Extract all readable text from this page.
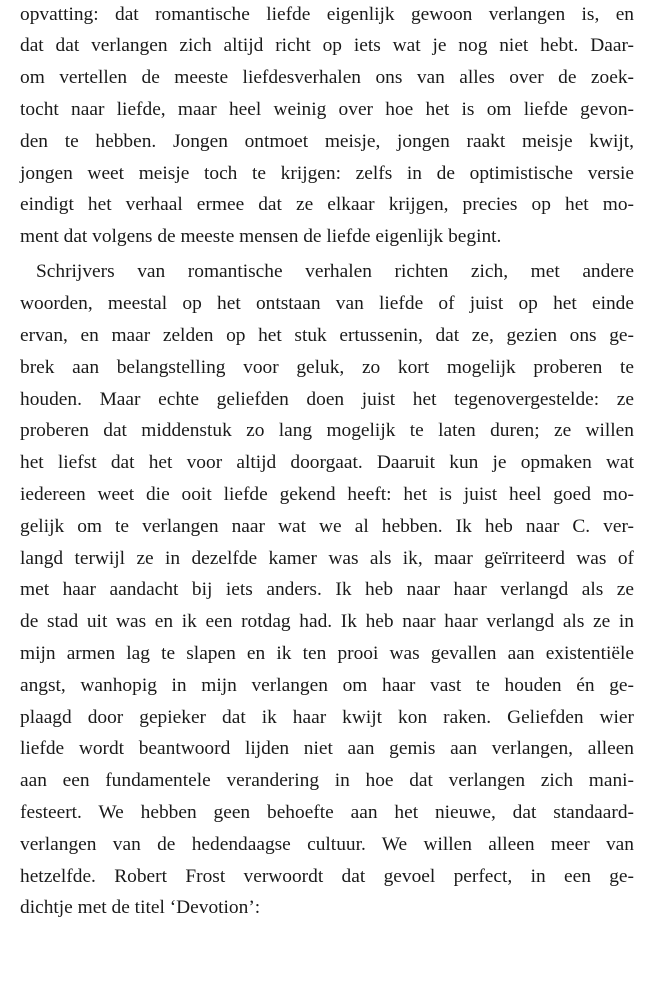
opvatting: dat romantische liefde eigenlijk gewoon verlangen is, en
dat dat verlangen zich altijd richt op iets wat je nog niet hebt. Daar-
om vertellen de meeste liefdesverhalen ons van alles over de zoek-
tocht naar liefde, maar heel weinig over hoe het is om liefde gevon-
den te hebben. Jongen ontmoet meisje, jongen raakt meisje kwijt,
jongen weet meisje toch te krijgen: zelfs in de optimistische versie
eindigt het verhaal ermee dat ze elkaar krijgen, precies op het mo-
ment dat volgens de meeste mensen de liefde eigenlijk begint.
Schrijvers van romantische verhalen richten zich, met andere
woorden, meestal op het ontstaan van liefde of juist op het einde
ervan, en maar zelden op het stuk ertussenin, dat ze, gezien ons ge-
brek aan belangstelling voor geluk, zo kort mogelijk proberen te
houden. Maar echte geliefden doen juist het tegenovergestelde: ze
proberen dat middenstuk zo lang mogelijk te laten duren; ze willen
het liefst dat het voor altijd doorgaat. Daaruit kun je opmaken wat
iedereen weet die ooit liefde gekend heeft: het is juist heel goed mo-
gelijk om te verlangen naar wat we al hebben. Ik heb naar C. ver-
langd terwijl ze in dezelfde kamer was als ik, maar geïrriteerd was of
met haar aandacht bij iets anders. Ik heb naar haar verlangd als ze
de stad uit was en ik een rotdag had. Ik heb naar haar verlangd als ze in
mijn armen lag te slapen en ik ten prooi was gevallen aan existentiële
angst, wanhopig in mijn verlangen om haar vast te houden én ge-
plaagd door gepieker dat ik haar kwijt kon raken. Geliefden wier
liefde wordt beantwoord lijden niet aan gemis aan verlangen, alleen
aan een fundamentele verandering in hoe dat verlangen zich mani-
festeert. We hebben geen behoefte aan het nieuwe, dat standaard-
verlangen van de hedendaagse cultuur. We willen alleen meer van
hetzelfde. Robert Frost verwoordt dat gevoel perfect, in een ge-
dichtje met de titel ‘Devotion’:
